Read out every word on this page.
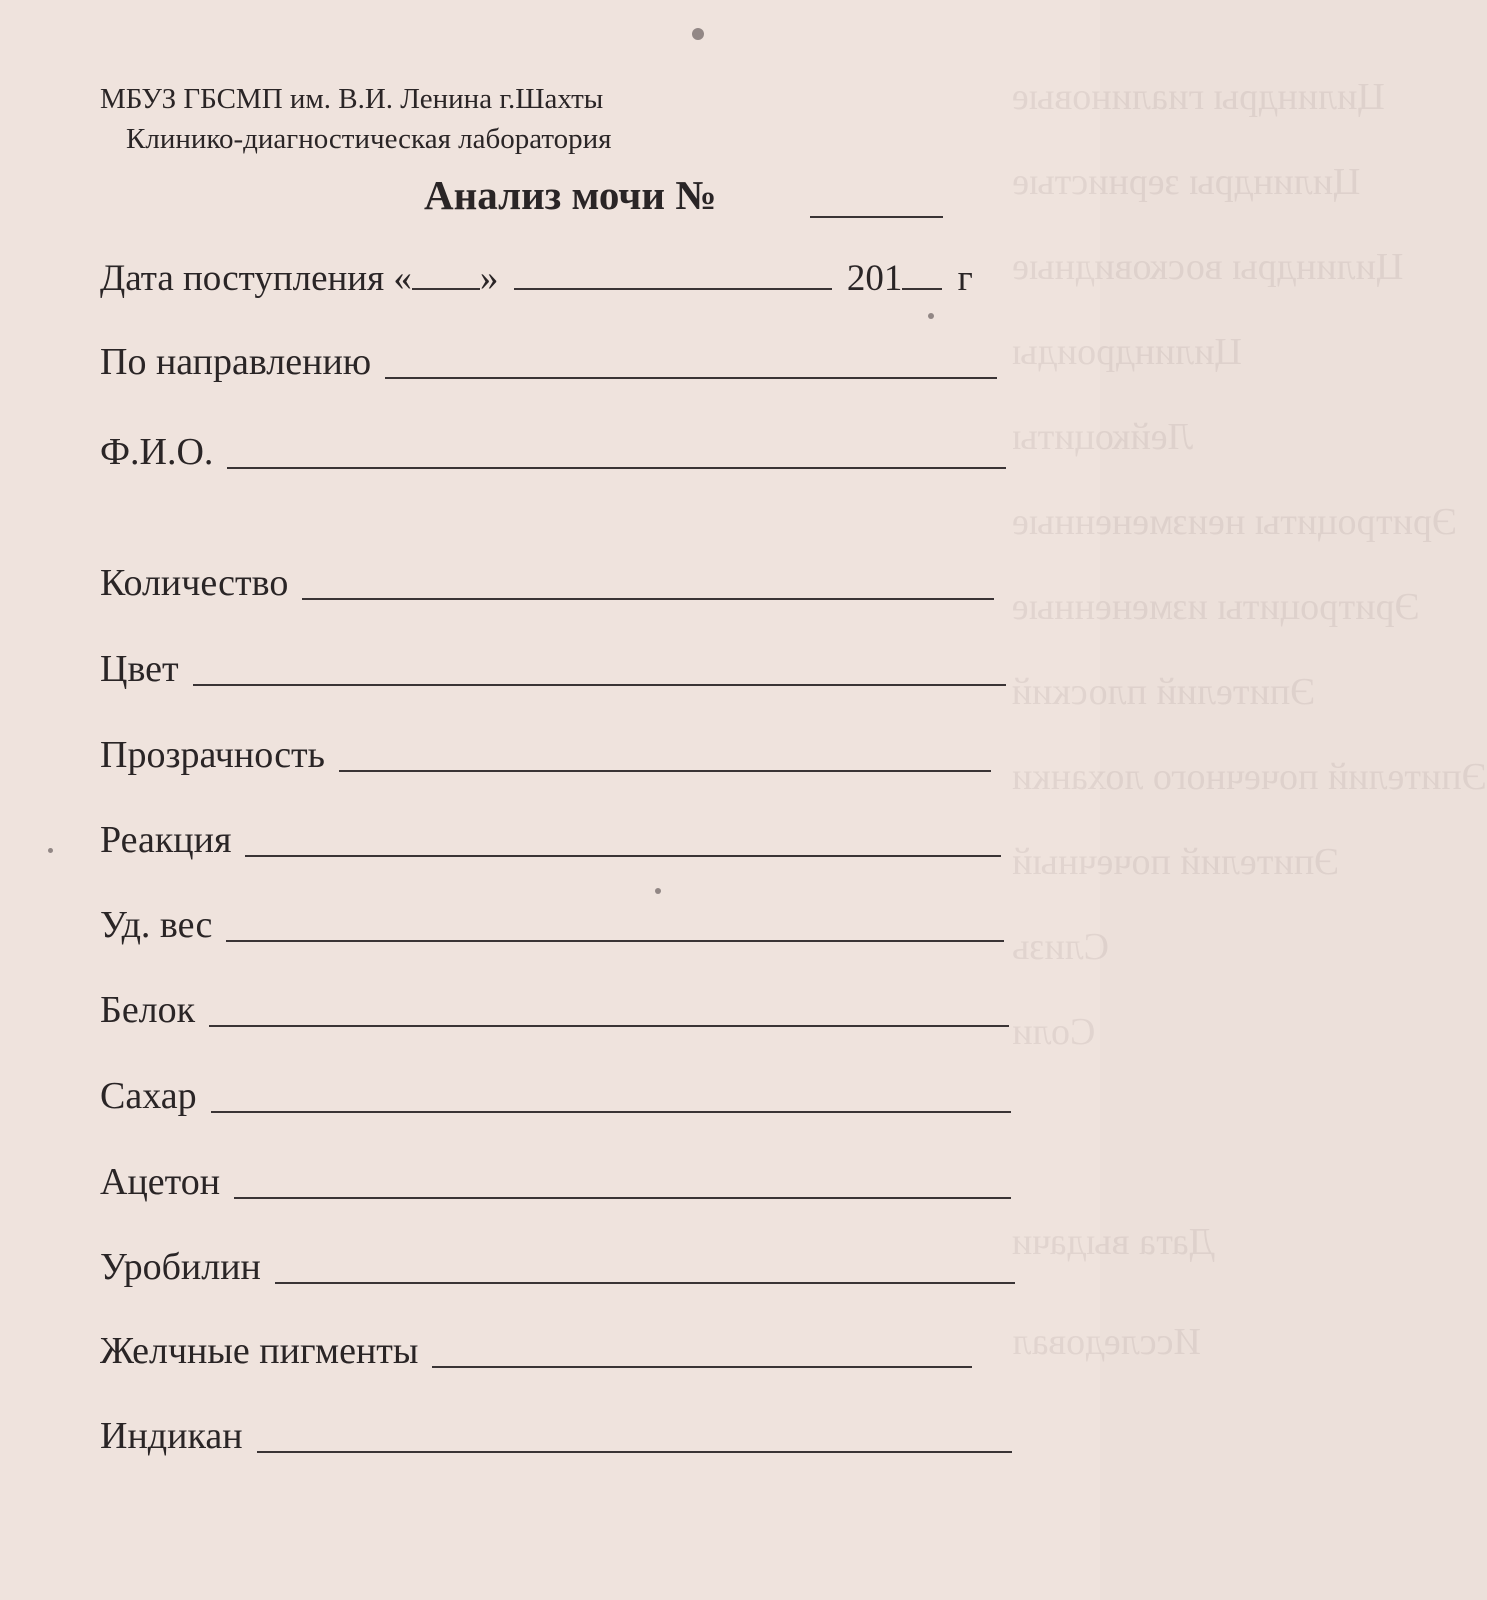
Цилиндры гиалиновые
Цилиндры зернистые
Цилиндры восковидные
Цилиндроиды
Лейкоциты
Эритроциты неизмененные
Эритроциты измененные
Эпителий плоский
Эпителий почечного лоханки
Эпителий почечный
Слизь
Соли
Дата выдачи
Исследовал
МБУЗ ГБСМП им. В.И. Ленина г.Шахты
Клинико-диагностическая лаборатория
Анализ мочи №
Дата поступления « »	201 г
По направлению
Ф.И.О.
Количество
Цвет
Прозрачность
Реакция
Уд. вес
Белок
Сахар
Ацетон
Уробилин
Желчные пигменты
Индикан
